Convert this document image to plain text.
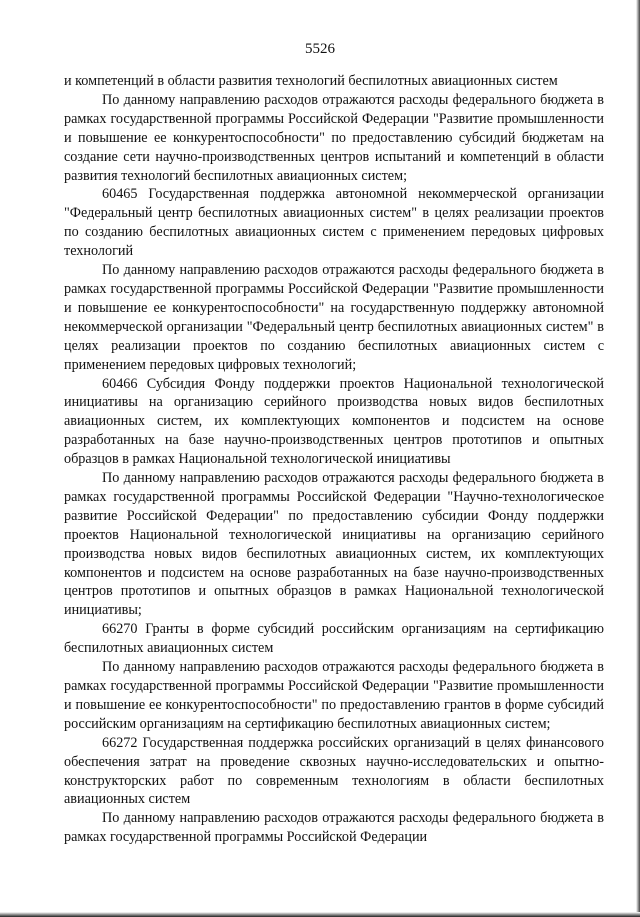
5526

и компетенций в области развития технологий беспилотных авиационных систем

По данному направлению расходов отражаются расходы федерального бюджета в рамках государственной программы Российской Федерации "Развитие промышленности и повышение ее конкурентоспособности" по предоставлению субсидий бюджетам на создание сети научно-производственных центров испытаний и компетенций в области развития технологий беспилотных авиационных систем;

60465 Государственная поддержка автономной некоммерческой организации "Федеральный центр беспилотных авиационных систем" в целях реализации проектов по созданию беспилотных авиационных систем с применением передовых цифровых технологий

По данному направлению расходов отражаются расходы федерального бюджета в рамках государственной программы Российской Федерации "Развитие промышленности и повышение ее конкурентоспособности" на государственную поддержку автономной некоммерческой организации "Федеральный центр беспилотных авиационных систем" в целях реализации проектов по созданию беспилотных авиационных систем с применением передовых цифровых технологий;

60466 Субсидия Фонду поддержки проектов Национальной технологической инициативы на организацию серийного производства новых видов беспилотных авиационных систем, их комплектующих компонентов и подсистем на основе разработанных на базе научно-производственных центров прототипов и опытных образцов в рамках Национальной технологической инициативы

По данному направлению расходов отражаются расходы федерального бюджета в рамках государственной программы Российской Федерации "Научно-технологическое развитие Российской Федерации" по предоставлению субсидии Фонду поддержки проектов Национальной технологической инициативы на организацию серийного производства новых видов беспилотных авиационных систем, их комплектующих компонентов и подсистем на основе разработанных на базе научно-производственных центров прототипов и опытных образцов в рамках Национальной технологической инициативы;

66270 Гранты в форме субсидий российским организациям на сертификацию беспилотных авиационных систем

По данному направлению расходов отражаются расходы федерального бюджета в рамках государственной программы Российской Федерации "Развитие промышленности и повышение ее конкурентоспособности" по предоставлению грантов в форме субсидий российским организациям на сертификацию беспилотных авиационных систем;

66272 Государственная поддержка российских организаций в целях финансового обеспечения затрат на проведение сквозных научно-исследовательских и опытно-конструкторских работ по современным технологиям в области беспилотных авиационных систем

По данному направлению расходов отражаются расходы федерального бюджета в рамках государственной программы Российской Федерации
